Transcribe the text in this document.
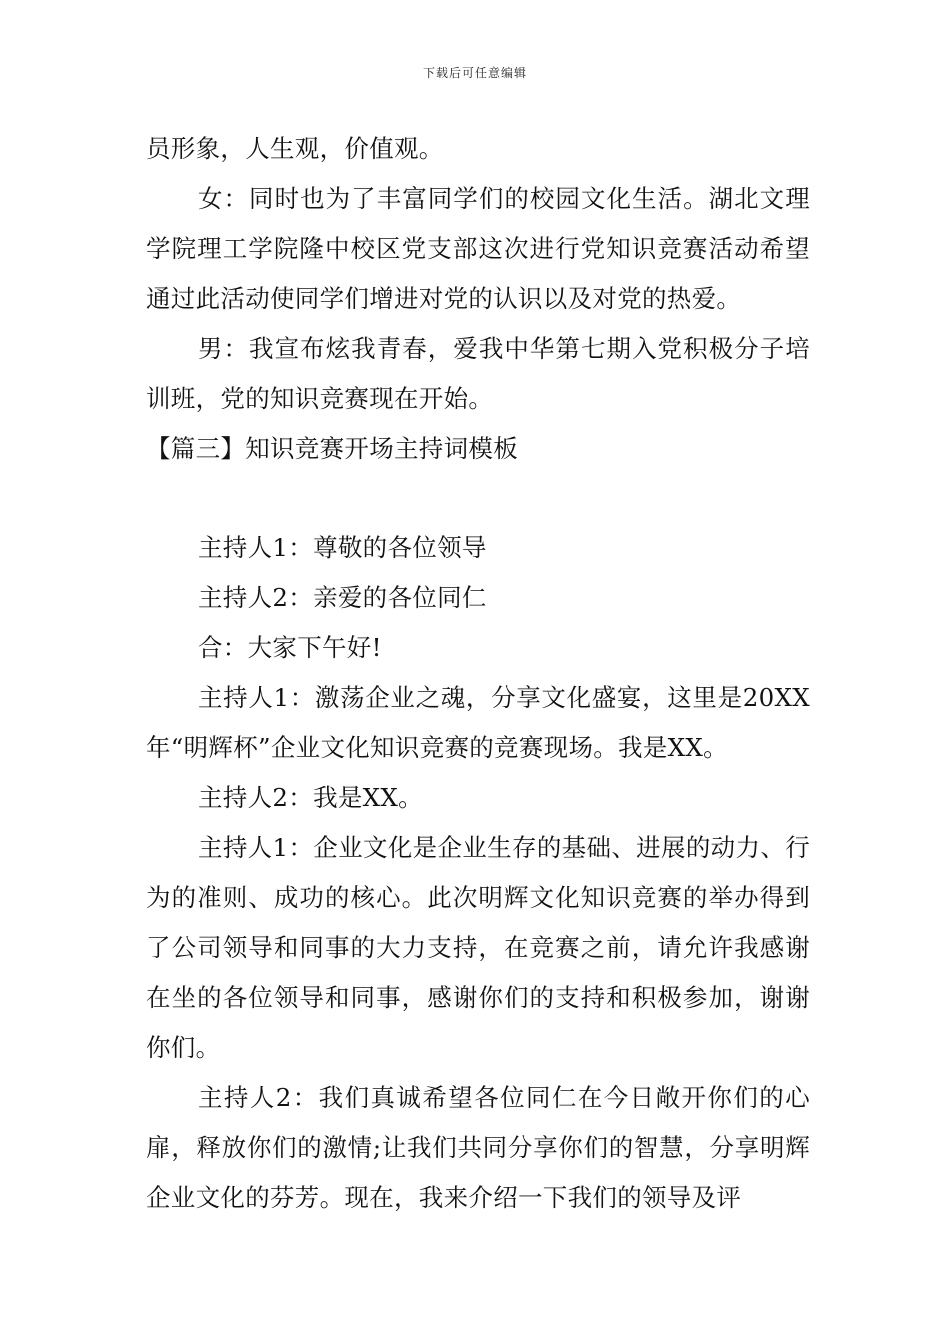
下载后可任意编辑

员形象，人生观，价值观。

女：同时也为了丰富同学们的校园文化生活。湖北文理学院理工学院隆中校区党支部这次进行党知识竞赛活动希望通过此活动使同学们增进对党的认识以及对党的热爱。

男：我宣布炫我青春，爱我中华第七期入党积极分子培训班，党的知识竞赛现在开始。

【篇三】知识竞赛开场主持词模板

主持人1：尊敬的各位领导

主持人2：亲爱的各位同仁

合：大家下午好!

主持人1：激荡企业之魂，分享文化盛宴，这里是20XX年“明辉杯”企业文化知识竞赛的竞赛现场。我是XX。

主持人2：我是XX。

主持人1：企业文化是企业生存的基础、进展的动力、行为的准则、成功的核心。此次明辉文化知识竞赛的举办得到了公司领导和同事的大力支持，在竞赛之前，请允许我感谢在坐的各位领导和同事，感谢你们的支持和积极参加，谢谢你们。

主持人2：我们真诚希望各位同仁在今日敞开你们的心扉，释放你们的激情;让我们共同分享你们的智慧，分享明辉企业文化的芬芳。现在，我来介绍一下我们的领导及评
